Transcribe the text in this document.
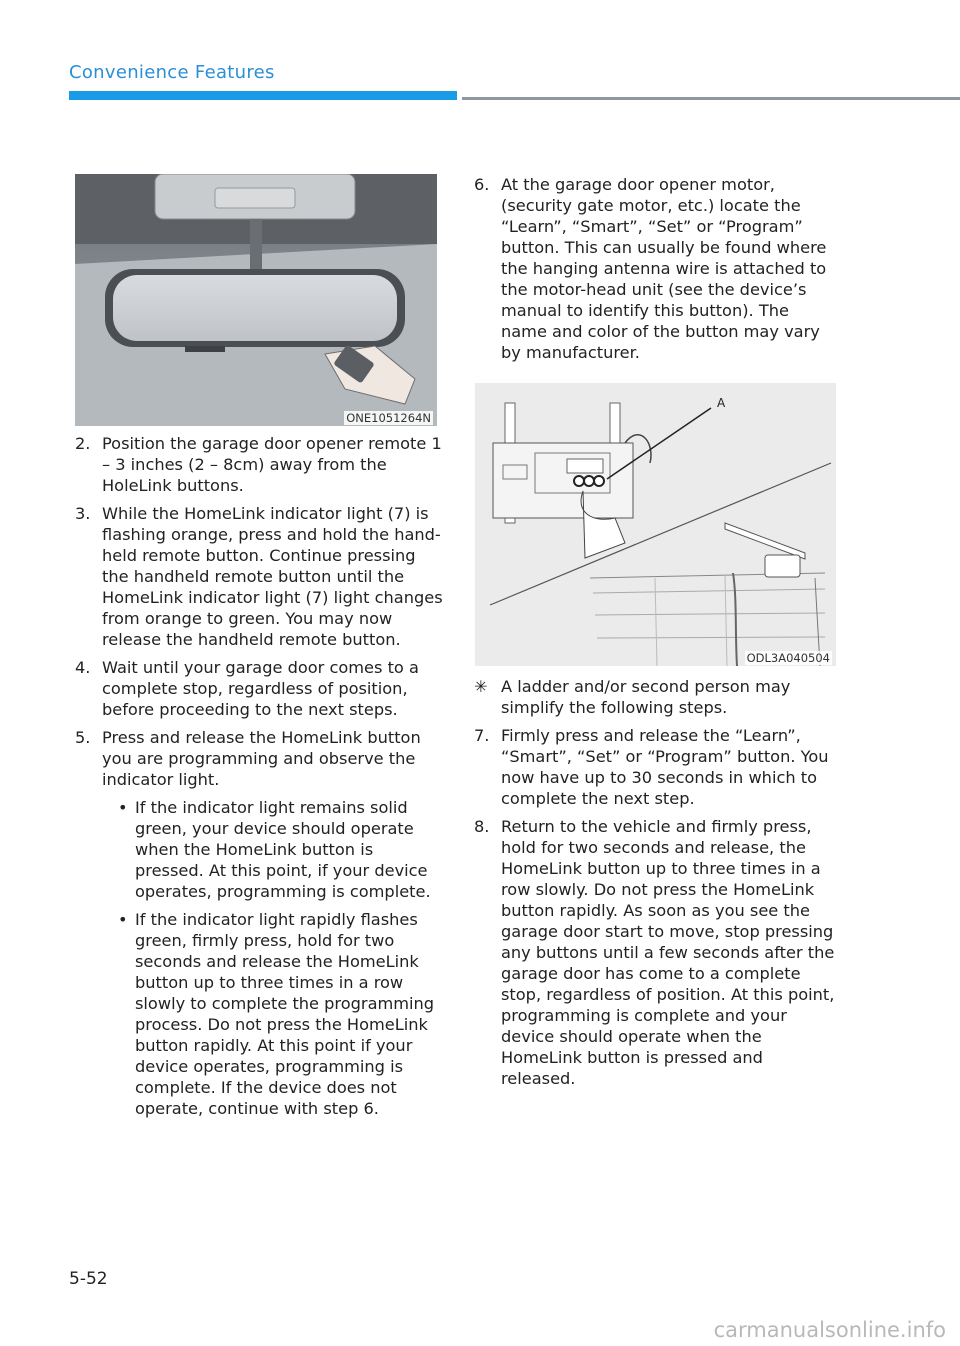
Convenience Features
ONE1051264N
2. Position the garage door opener remote 1 – 3 inches (2 – 8cm) away from the HoleLink buttons.
3. While the HomeLink indicator light (7) is flashing orange, press and hold the hand-held remote button. Continue pressing the handheld remote button until the HomeLink indicator light (7) light changes from orange to green. You may now release the handheld remote button.
4. Wait until your garage door comes to a complete stop, regardless of position, before proceeding to the next steps.
5. Press and release the HomeLink button you are programming and observe the indicator light.
• If the indicator light remains solid green, your device should operate when the HomeLink button is pressed. At this point, if your device operates, programming is complete.
• If the indicator light rapidly flashes green, firmly press, hold for two seconds and release the HomeLink button up to three times in a row slowly to complete the programming process. Do not press the HomeLink button rapidly. At this point if your device operates, programming is complete. If the device does not operate, continue with step 6.
6. At the garage door opener motor, (security gate motor, etc.) locate the “Learn”, “Smart”, “Set” or “Program” button. This can usually be found where the hanging antenna wire is attached to the motor-head unit (see the device’s manual to identify this button). The name and color of the button may vary by manufacturer.
A
ODL3A040504
✳ A ladder and/or second person may simplify the following steps.
7. Firmly press and release the “Learn”, “Smart”, “Set” or “Program” button. You now have up to 30 seconds in which to complete the next step.
8. Return to the vehicle and firmly press, hold for two seconds and release, the HomeLink button up to three times in a row slowly. Do not press the HomeLink button rapidly. As soon as you see the garage door start to move, stop pressing any buttons until a few seconds after the garage door has come to a complete stop, regardless of position. At this point, programming is complete and your device should operate when the HomeLink button is pressed and released.
5-52
carmanualsonline.info
